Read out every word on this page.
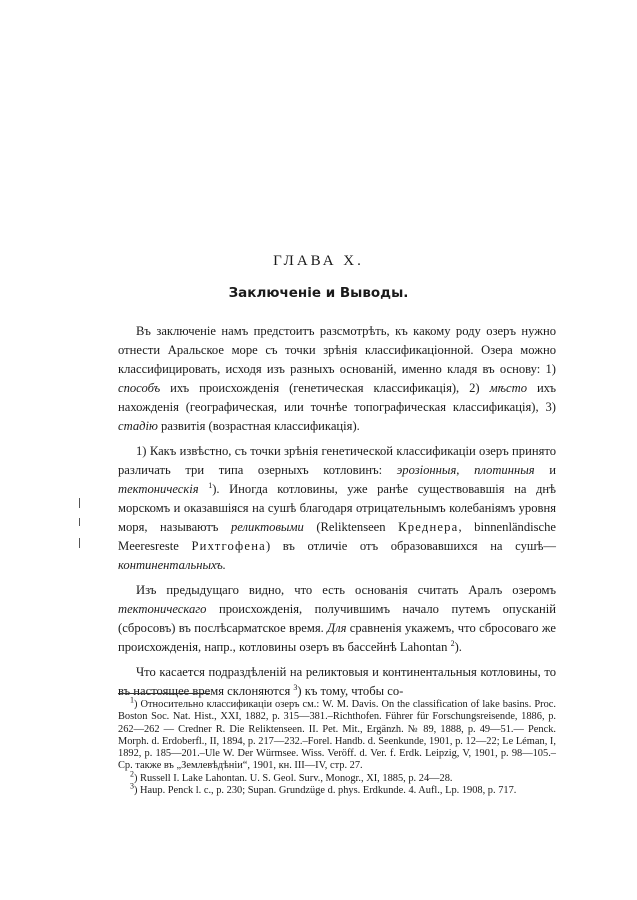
ГЛАВА X.
Заключеніе и Выводы.

Въ заключеніе намъ предстоитъ разсмотрѣть, къ какому роду озеръ нужно отнести Аральское море съ точки зрѣнія классификаціонной. Озера можно классифицировать, исходя изъ разныхъ основаній, именно кладя въ основу: 1) способъ ихъ происхожденія (генетическая классификація), 2) мѣсто ихъ нахожденія (географическая, или точнѣе топографическая классификація), 3) стадію развитія (возрастная классификація).

1) Какъ извѣстно, съ точки зрѣнія генетической классификаціи озеръ принято различать три типа озерныхъ котловинъ: эрозіонныя, плотинныя и тектоническія $^1$). Иногда котловины, уже ранѣе существовавшія на днѣ морскомъ и оказавшіяся на сушѣ благодаря отрицательнымъ колебаніямъ уровня моря, называютъ реликтовыми (Reliktenseen Креднера, binnenländische Meeresreste Рихтгофена) въ отличіе отъ образовавшихся на сушѣ—континентальныхъ.

Изъ предыдущаго видно, что есть основанія считать Аралъ озеромъ тектоническаго происхожденія, получившимъ начало путемъ опусканій (сбросовъ) въ послѣсарматское время. Для сравненія укажемъ, что сбросоваго же происхожденія, напр., котловины озеръ въ бассейнѣ Lahontan $^2$).

Что касается подраздѣленій на реликтовыя и континентальныя котловины, то въ настоящее время склоняются $^3$) къ тому, чтобы со-

$^1$) Относительно классификаціи озеръ см.: W. M. Davis. On the classification of lake basins. Proc. Boston Soc. Nat. Hist., XXI, 1882, p. 315—381.–Richthofen. Führer für Forschungsreisende, 1886, p. 262—262 — Credner R. Die Reliktenseen. II. Pet. Mit., Ergänzh. № 89, 1888, p. 49—51.— Penck. Morph. d. Erdoberfl., II, 1894, p. 217—232.–Forel. Handb. d. Seenkunde, 1901, p. 12—22; Le Léman, I, 1892, p. 185—201.–Ule W. Der Würmsee. Wiss. Veröff. d. Ver. f. Erdk. Leipzig, V, 1901, p. 98—105.–Ср. также въ „Землевѣдѣніи“, 1901, кн. III—IV, стр. 27.

$^2$) Russell I. Lake Lahontan. U. S. Geol. Surv., Monogr., XI, 1885, p. 24—28.

$^3$) Haup. Penck l. c., p. 230; Supan. Grundzüge d. phys. Erdkunde. 4. Aufl., Lp. 1908, p. 717.
